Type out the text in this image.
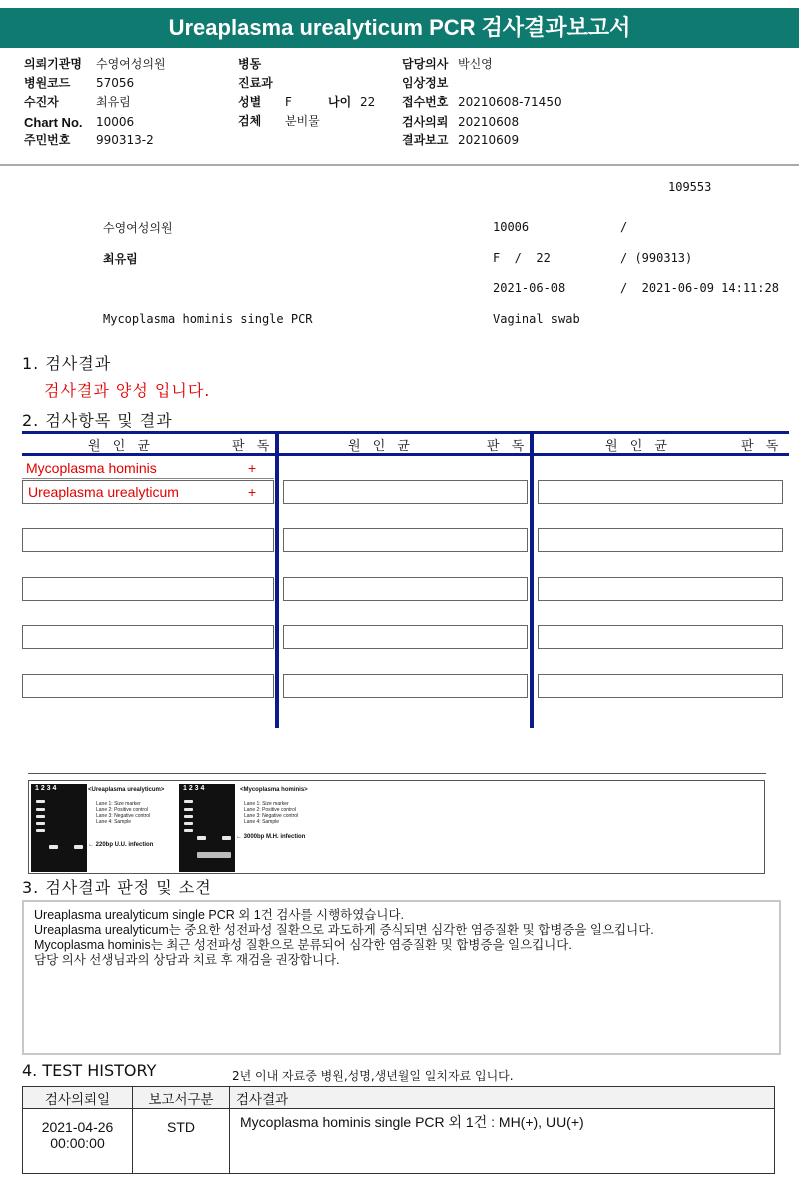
Ureaplasma urealyticum PCR 검사결과보고서
의뢰기관명 수영여성의원
병원코드 57056
수진자	최유림
Chart No. 10006
주민번호 990313-2
병동
진료과
성별 F	나이 22
검체 분비물
담당의사 박신영
임상정보
접수번호 20210608-71450
검사의뢰 20210608
결과보고 20210609
109553
수영여성의원	10006	/
최유림	F  /  22	/ (990313)
2021-06-08	/  2021-06-09 14:11:28
Mycoplasma hominis single PCR	Vaginal swab
1. 검사결과
검사결과 양성 입니다.
2. 검사항목 및 결과
원 인 균	판 독	원 인 균	판 독	원 인 균	판 독
Mycoplasma hominis	+
Ureaplasma urealyticum	+
1 2 3 4	<Ureaplasma urealyticum>
Lane 1: Size marker
Lane 2: Positive control
Lane 3: Negative control
Lane 4: Sample
← 220bp U.U. infection
1 2 3 4	<Mycoplasma hominis>
Lane 1: Size marker
Lane 2: Positive control
Lane 3: Negative control
Lane 4: Sample
← 3000bp M.H. infection
3. 검사결과 판정 및 소견
Ureaplasma urealyticum single PCR 외 1건 검사를 시행하였습니다.
Ureaplasma urealyticum는 중요한 성전파성 질환으로 과도하게 증식되면 심각한 염증질환 및 합병증을 일으킵니다.
Mycoplasma hominis는 최근 성전파성 질환으로 분류되어 심각한 염증질환 및 합병증을 일으킵니다.
담당 의사 선생님과의 상담과 치료 후 재검을 권장합니다.
4. TEST HISTORY	2년 이내 자료중 병원,성명,생년월일 일치자료 입니다.
검사의뢰일	보고서구분	검사결과

2021-04-26
00:00:00	STD	Mycoplasma hominis single PCR 외 1건 : MH(+), UU(+)
